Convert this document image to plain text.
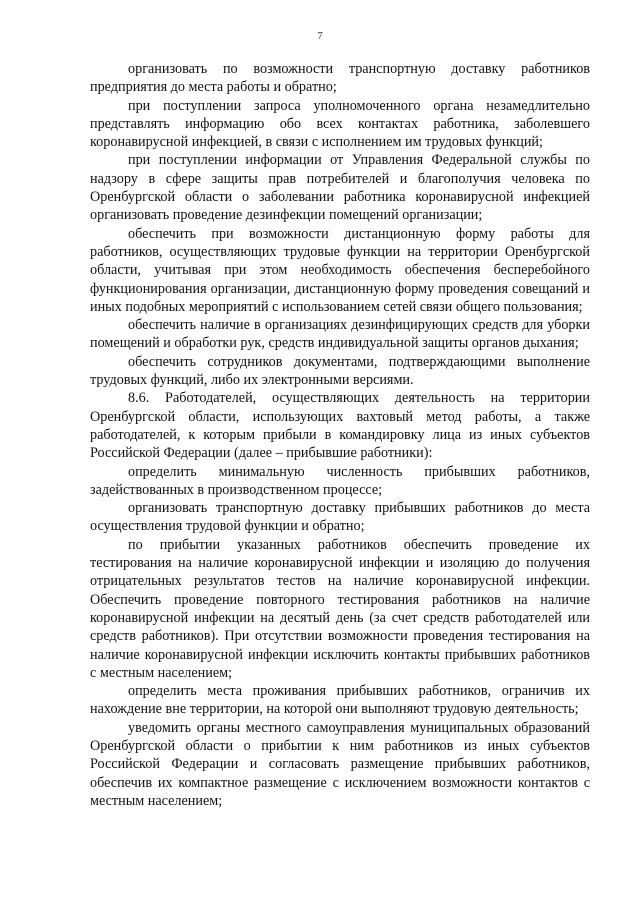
7

организовать по возможности транспортную доставку работников предприятия до места работы и обратно;

при поступлении запроса уполномоченного органа незамедлительно представлять информацию обо всех контактах работника, заболевшего коронавирусной инфекцией, в связи с исполнением им трудовых функций;

при поступлении информации от Управления Федеральной службы по надзору в сфере защиты прав потребителей и благополучия человека по Оренбургской области о заболевании работника коронавирусной инфекцией организовать проведение дезинфекции помещений организации;

обеспечить при возможности дистанционную форму работы для работников, осуществляющих трудовые функции на территории Оренбургской области, учитывая при этом необходимость обеспечения бесперебойного функционирования организации, дистанционную форму проведения совещаний и иных подобных мероприятий с использованием сетей связи общего пользования;

обеспечить наличие в организациях дезинфицирующих средств для уборки помещений и обработки рук, средств индивидуальной защиты органов дыхания;

обеспечить сотрудников документами, подтверждающими выполнение трудовых функций, либо их электронными версиями.

8.6. Работодателей, осуществляющих деятельность на территории Оренбургской области, использующих вахтовый метод работы, а также работодателей, к которым прибыли в командировку лица из иных субъектов Российской Федерации (далее – прибывшие работники):

определить минимальную численность прибывших работников, задействованных в производственном процессе;

организовать транспортную доставку прибывших работников до места осуществления трудовой функции и обратно;

по прибытии указанных работников обеспечить проведение их тестирования на наличие коронавирусной инфекции и изоляцию до получения отрицательных результатов тестов на наличие коронавирусной инфекции. Обеспечить проведение повторного тестирования работников на наличие коронавирусной инфекции на десятый день (за счет средств работодателей или средств работников). При отсутствии возможности проведения тестирования на наличие коронавирусной инфекции исключить контакты прибывших работников с местным населением;

определить места проживания прибывших работников, ограничив их нахождение вне территории, на которой они выполняют трудовую деятельность;

уведомить органы местного самоуправления муниципальных образований Оренбургской области о прибытии к ним работников из иных субъектов Российской Федерации и согласовать размещение прибывших работников, обеспечив их компактное размещение с исключением возможности контактов с местным населением;
